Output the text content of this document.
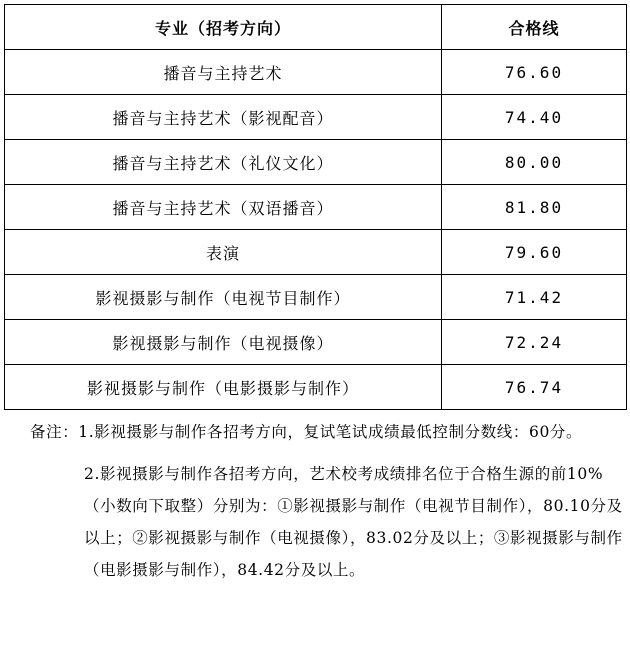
专业（招考方向）	合格线
播音与主持艺术	76.60
播音与主持艺术（影视配音）	74.40
播音与主持艺术（礼仪文化）	80.00
播音与主持艺术（双语播音）	81.80
表演	79.60
影视摄影与制作（电视节目制作）	71.42
影视摄影与制作（电视摄像）	72.24
影视摄影与制作（电影摄影与制作）	76.74

备注：1.影视摄影与制作各招考方向，复试笔试成绩最低控制分数线：60分。

2.影视摄影与制作各招考方向，艺术校考成绩排名位于合格生源的前10%（小数向下取整）分别为：①影视摄影与制作（电视节目制作），80.10分及以上；②影视摄影与制作（电视摄像），83.02分及以上；③影视摄影与制作（电影摄影与制作），84.42分及以上。
